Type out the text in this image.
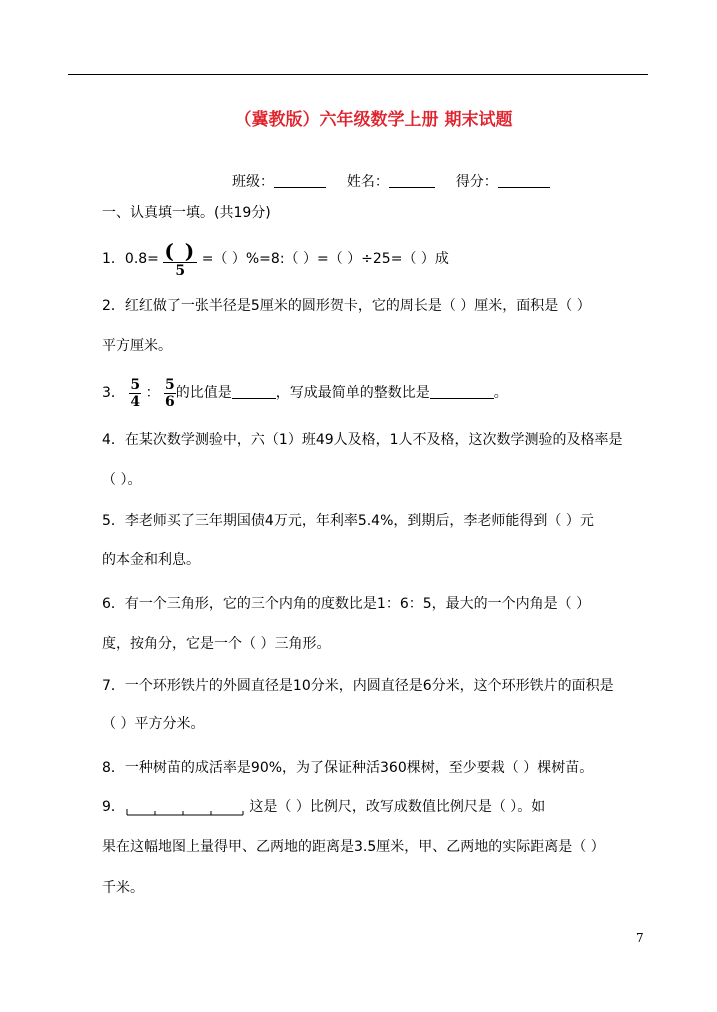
（冀教版）六年级数学上册 期末试题
班级：	姓名：	得分：
一、认真填一填。(共19分)
1．$0.8= \frac{( )}{5}$ =（ ）%=8:（ ）=（ ）÷25=（ ）成
2．红红做了一张半径是5厘米的圆形贺卡，它的周长是（ ）厘米，面积是（ ）
平方厘米。
3． $\frac{5}{4}$ ： $\frac{5}{6}$ 的比值是	，写成最简单的整数比是	。
4．在某次数学测验中，六（1）班49人及格，1人不及格，这次数学测验的及格率是
（ ）。
5．李老师买了三年期国债4万元，年利率5.4%，到期后，李老师能得到（ ）元
的本金和利息。
6．有一个三角形，它的三个内角的度数比是1：6：5，最大的一个内角是（ ）
度，按角分，它是一个（ ）三角形。
7．一个环形铁片的外圆直径是10分米，内圆直径是6分米，这个环形铁片的面积是
（ ）平方分米。
8．一种树苗的成活率是90%，为了保证种活360棵树，至少要栽（ ）棵树苗。
9．	这是（ ）比例尺，改写成数值比例尺是（ ）。如
果在这幅地图上量得甲、乙两地的距离是3.5厘米，甲、乙两地的实际距离是（ ）
千米。
7
